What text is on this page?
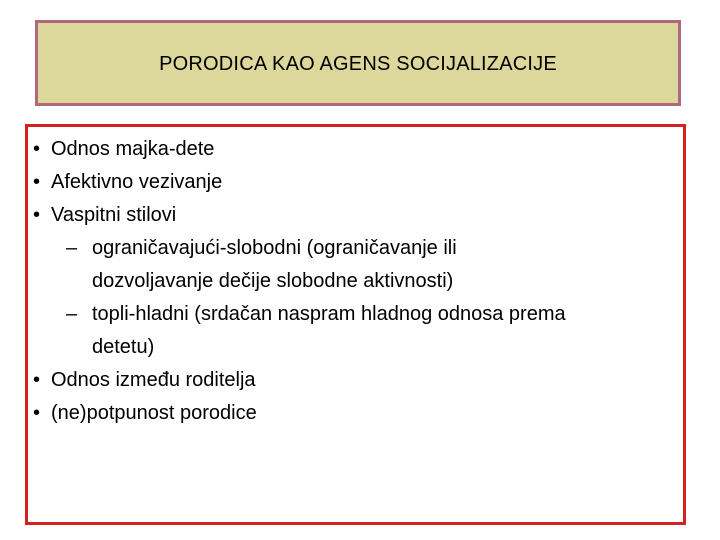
PORODICA KAO AGENS SOCIJALIZACIJE
• Odnos majka-dete
• Afektivno vezivanje
• Vaspitni stilovi
– ograničavajući-slobodni (ograničavanje ili
dozvoljavanje dečije slobodne aktivnosti)
– topli-hladni (srdačan naspram hladnog odnosa prema
detetu)
• Odnos između roditelja
• (ne)potpunost porodice
